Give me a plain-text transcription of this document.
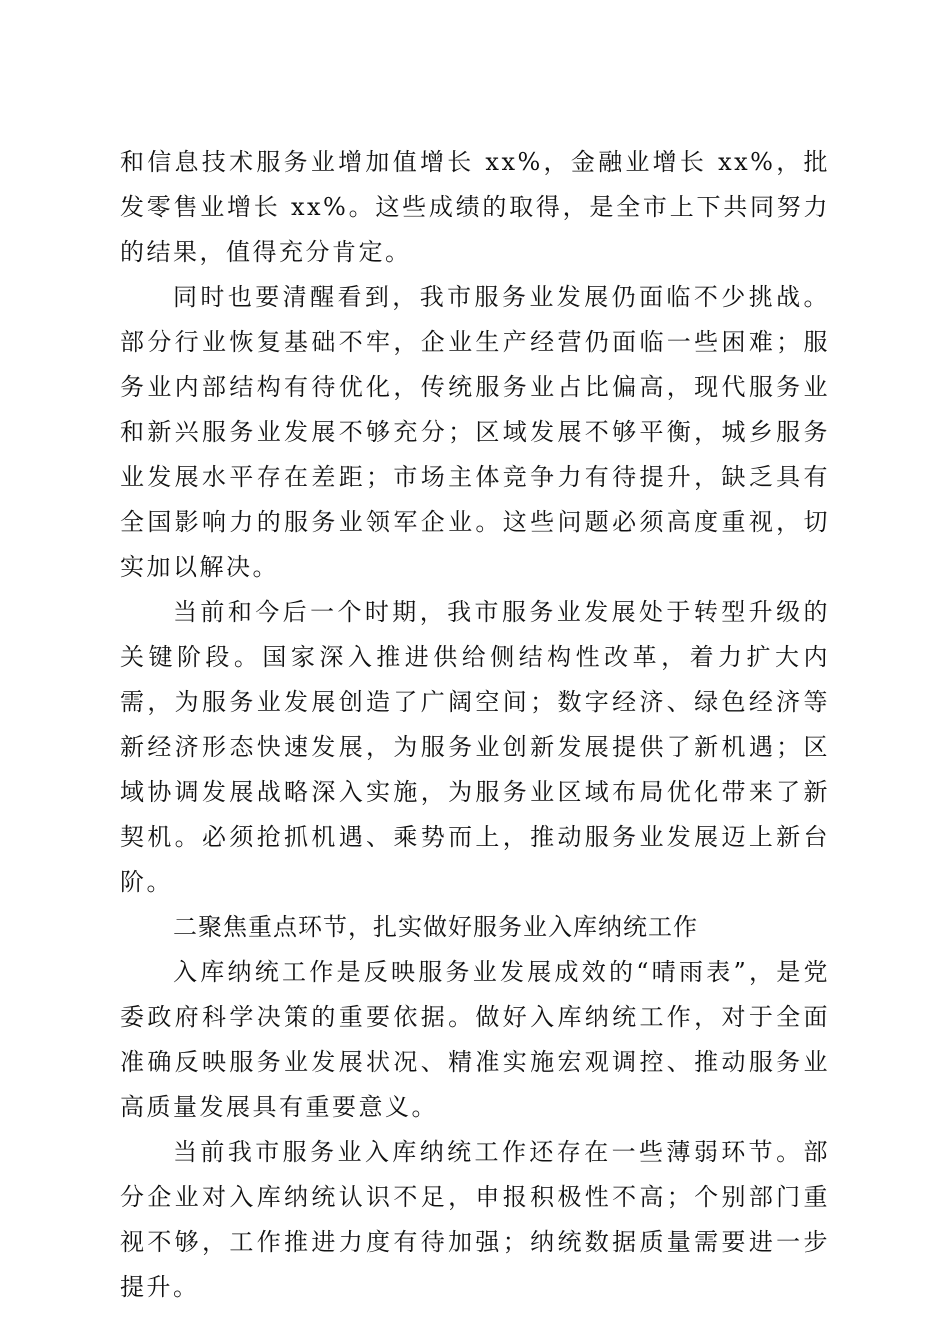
和信息技术服务业增加值增长 xx%，金融业增长 xx%，批发零售业增长 xx%。这些成绩的取得，是全市上下共同努力的结果，值得充分肯定。

同时也要清醒看到，我市服务业发展仍面临不少挑战。部分行业恢复基础不牢，企业生产经营仍面临一些困难；服务业内部结构有待优化，传统服务业占比偏高，现代服务业和新兴服务业发展不够充分；区域发展不够平衡，城乡服务业发展水平存在差距；市场主体竞争力有待提升，缺乏具有全国影响力的服务业领军企业。这些问题必须高度重视，切实加以解决。

当前和今后一个时期，我市服务业发展处于转型升级的关键阶段。国家深入推进供给侧结构性改革，着力扩大内需，为服务业发展创造了广阔空间；数字经济、绿色经济等新经济形态快速发展，为服务业创新发展提供了新机遇；区域协调发展战略深入实施，为服务业区域布局优化带来了新契机。必须抢抓机遇、乘势而上，推动服务业发展迈上新台阶。

二聚焦重点环节，扎实做好服务业入库纳统工作

入库纳统工作是反映服务业发展成效的“晴雨表”，是党委政府科学决策的重要依据。做好入库纳统工作，对于全面准确反映服务业发展状况、精准实施宏观调控、推动服务业高质量发展具有重要意义。

当前我市服务业入库纳统工作还存在一些薄弱环节。部分企业对入库纳统认识不足，申报积极性不高；个别部门重视不够，工作推进力度有待加强；纳统数据质量需要进一步提升。
